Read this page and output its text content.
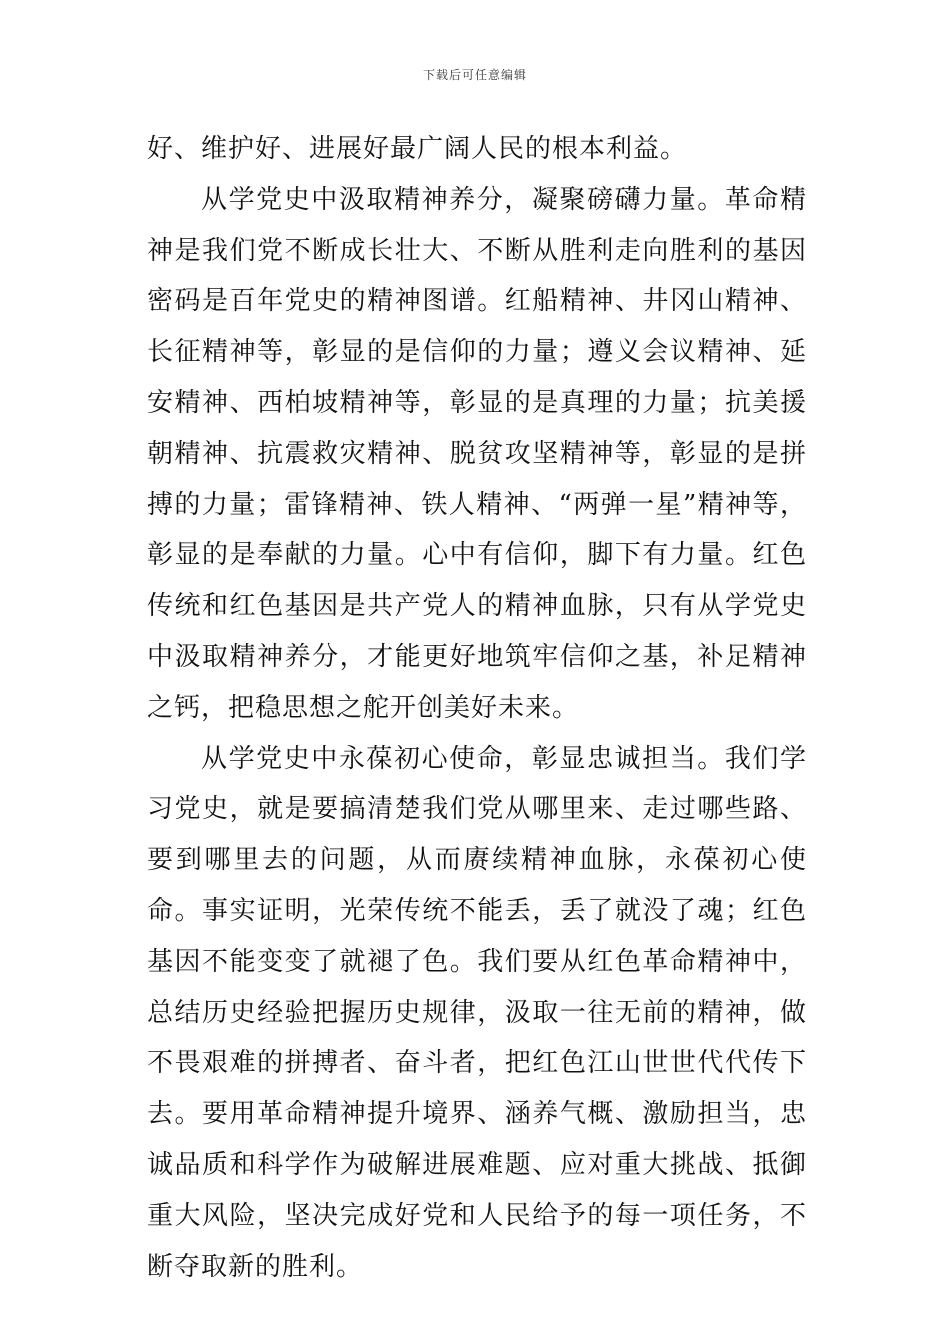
下载后可任意编辑

好、维护好、进展好最广阔人民的根本利益。

从学党史中汲取精神养分，凝聚磅礴力量。革命精神是我们党不断成长壮大、不断从胜利走向胜利的基因密码是百年党史的精神图谱。红船精神、井冈山精神、长征精神等，彰显的是信仰的力量；遵义会议精神、延安精神、西柏坡精神等，彰显的是真理的力量；抗美援朝精神、抗震救灾精神、脱贫攻坚精神等，彰显的是拼搏的力量；雷锋精神、铁人精神、“两弹一星”精神等，彰显的是奉献的力量。心中有信仰，脚下有力量。红色传统和红色基因是共产党人的精神血脉，只有从学党史中汲取精神养分，才能更好地筑牢信仰之基，补足精神之钙，把稳思想之舵开创美好未来。

从学党史中永葆初心使命，彰显忠诚担当。我们学习党史，就是要搞清楚我们党从哪里来、走过哪些路、要到哪里去的问题，从而赓续精神血脉，永葆初心使命。事实证明，光荣传统不能丢，丢了就没了魂；红色基因不能变变了就褪了色。我们要从红色革命精神中，总结历史经验把握历史规律，汲取一往无前的精神，做不畏艰难的拼搏者、奋斗者，把红色江山世世代代传下去。要用革命精神提升境界、涵养气概、激励担当，忠诚品质和科学作为破解进展难题、应对重大挑战、抵御重大风险，坚决完成好党和人民给予的每一项任务，不断夺取新的胜利。
